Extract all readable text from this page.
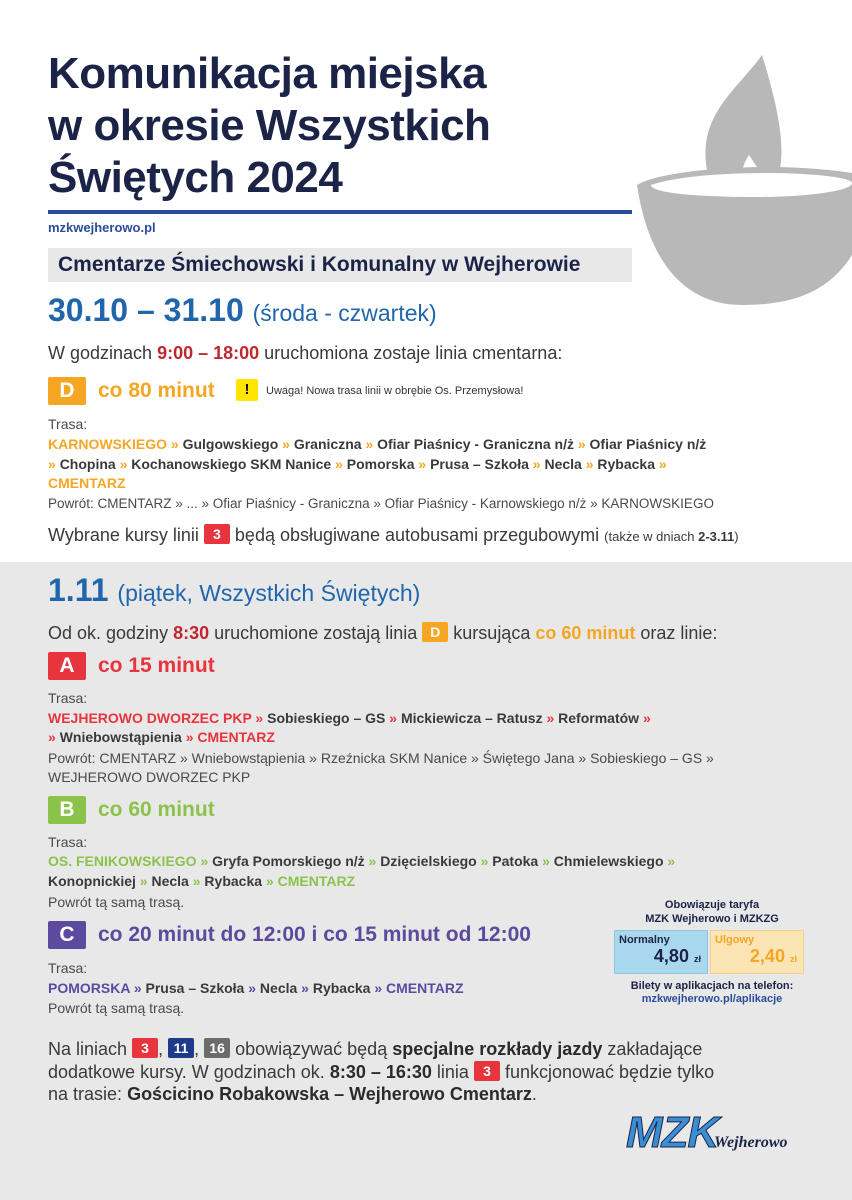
Komunikacja miejska
w okresie Wszystkich
Świętych 2024
mzkwejherowo.pl
Cmentarze Śmiechowski i Komunalny w Wejherowie
30.10 – 31.10 (środa - czwartek)
W godzinach 9:00 – 18:00 uruchomiona zostaje linia cmentarna:
D	co 80 minut	!	Uwaga! Nowa trasa linii w obrębie Os. Przemysłowa!
Trasa:
KARNOWSKIEGO » Gulgowskiego » Graniczna » Ofiar Piaśnicy - Graniczna n/ż » Ofiar Piaśnicy n/ż
» Chopina » Kochanowskiego SKM Nanice » Pomorska » Prusa – Szkoła » Necla » Rybacka »
CMENTARZ
Powrót: CMENTARZ » ... » Ofiar Piaśnicy - Graniczna » Ofiar Piaśnicy - Karnowskiego n/ż » KARNOWSKIEGO
Wybrane kursy linii 3 będą obsługiwane autobusami przegubowymi (także w dniach 2-3.11)
1.11 (piątek, Wszystkich Świętych)
Od ok. godziny 8:30 uruchomione zostają linia D kursująca co 60 minut oraz linie:
A	co 15 minut
Trasa:
WEJHEROWO DWORZEC PKP » Sobieskiego – GS » Mickiewicza – Ratusz » Reformatów »
» Wniebowstąpienia » CMENTARZ
Powrót: CMENTARZ » Wniebowstąpienia » Rzeźnicka SKM Nanice » Świętego Jana » Sobieskiego – GS »
WEJHEROWO DWORZEC PKP
B	co 60 minut
Trasa:
OS. FENIKOWSKIEGO » Gryfa Pomorskiego n/ż » Dzięcielskiego » Patoka » Chmielewskiego »
Konopnickiej » Necla » Rybacka » CMENTARZ
Powrót tą samą trasą.
C	co 20 minut do 12:00 i co 15 minut od 12:00
Trasa:
POMORSKA » Prusa – Szkoła » Necla » Rybacka » CMENTARZ
Powrót tą samą trasą.
Obowiązuje taryfa
MZK Wejherowo i MZKZG
Normalny
4,80 zł
Ulgowy
2,40 zł
Bilety w aplikacjach na telefon:
mzkwejherowo.pl/aplikacje
Na liniach 3 , 11 , 16 obowiązywać będą specjalne rozkłady jazdy zakładające
dodatkowe kursy. W godzinach ok. 8:30 – 16:30 linia 3 funkcjonować będzie tylko
na trasie: Gościcino Robakowska – Wejherowo Cmentarz.
MZK
Wejherowo
